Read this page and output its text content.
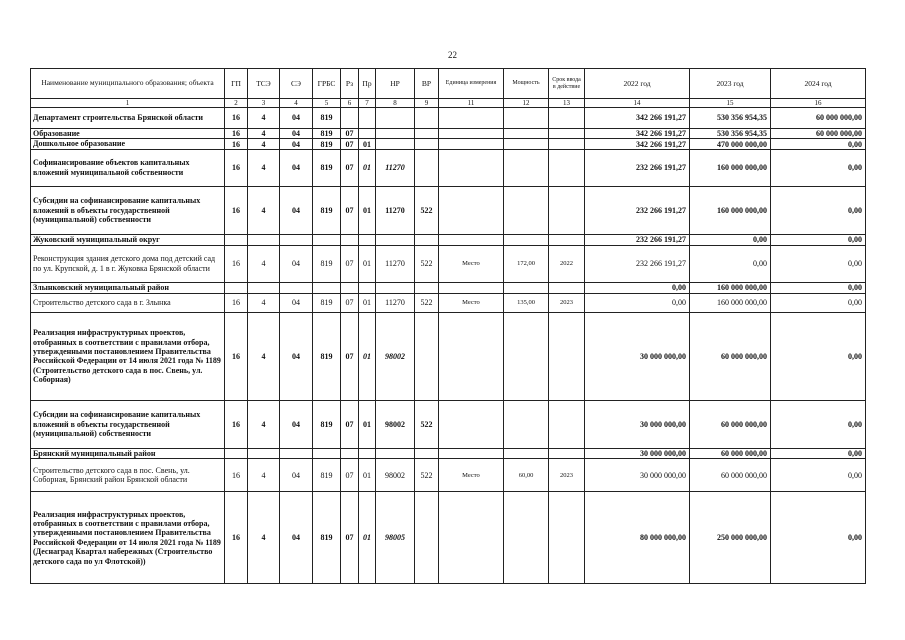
22
Наименование муниципального образования; объекта	ГП	ТСЭ	СЭ	ГРБС	Рз	Пр	НР	ВР	Единица измерения	Мощность	Срок ввода в действие	2022 год	2023 год	2024 год
1	2	3	4	5	6	7	8	9	11	12	13	14	15	16
Департамент строительства Брянской области	16	4	04	819								342 266 191,27	530 356 954,35	60 000 000,00
Образование	16	4	04	819	07							342 266 191,27	530 356 954,35	60 000 000,00
Дошкольное образование	16	4	04	819	07	01						342 266 191,27	470 000 000,00	0,00
Софинансирование объектов капитальных вложений муниципальной собственности	16	4	04	819	07	01	11270					232 266 191,27	160 000 000,00	0,00
Субсидии на софинансирование капитальных вложений в объекты государственной (муниципальной) собственности	16	4	04	819	07	01	11270	522				232 266 191,27	160 000 000,00	0,00
Жуковский муниципальный округ												232 266 191,27	0,00	0,00
Реконструкция здания детского дома под детский сад по ул. Крупской, д. 1 в г. Жуковка Брянской области	16	4	04	819	07	01	11270	522	Место	172,00	2022	232 266 191,27	0,00	0,00
Злынковский муниципальный район												0,00	160 000 000,00	0,00
Строительство детского сада в г. Злынка	16	4	04	819	07	01	11270	522	Место	135,00	2023	0,00	160 000 000,00	0,00
Реализация инфраструктурных проектов, отобранных в соответствии с правилами отбора, утвержденными постановлением Правительства Российской Федерации от 14 июля 2021 года № 1189 (Строительство детского сада в пос. Свень, ул. Соборная)	16	4	04	819	07	01	98002					30 000 000,00	60 000 000,00	0,00
Субсидии на софинансирование капитальных вложений в объекты государственной (муниципальной) собственности	16	4	04	819	07	01	98002	522				30 000 000,00	60 000 000,00	0,00
Брянский муниципальный район												30 000 000,00	60 000 000,00	0,00
Строительство детского сада в пос. Свень, ул. Соборная, Брянский район Брянской области	16	4	04	819	07	01	98002	522	Место	60,00	2023	30 000 000,00	60 000 000,00	0,00
Реализация инфраструктурных проектов, отобранных в соответствии с правилами отбора, утвержденными постановлением Правительства Российской Федерации от 14 июля 2021 года № 1189 (Деснаград Квартал набережных (Строительство детского сада по ул Флотской))	16	4	04	819	07	01	98005					80 000 000,00	250 000 000,00	0,00
